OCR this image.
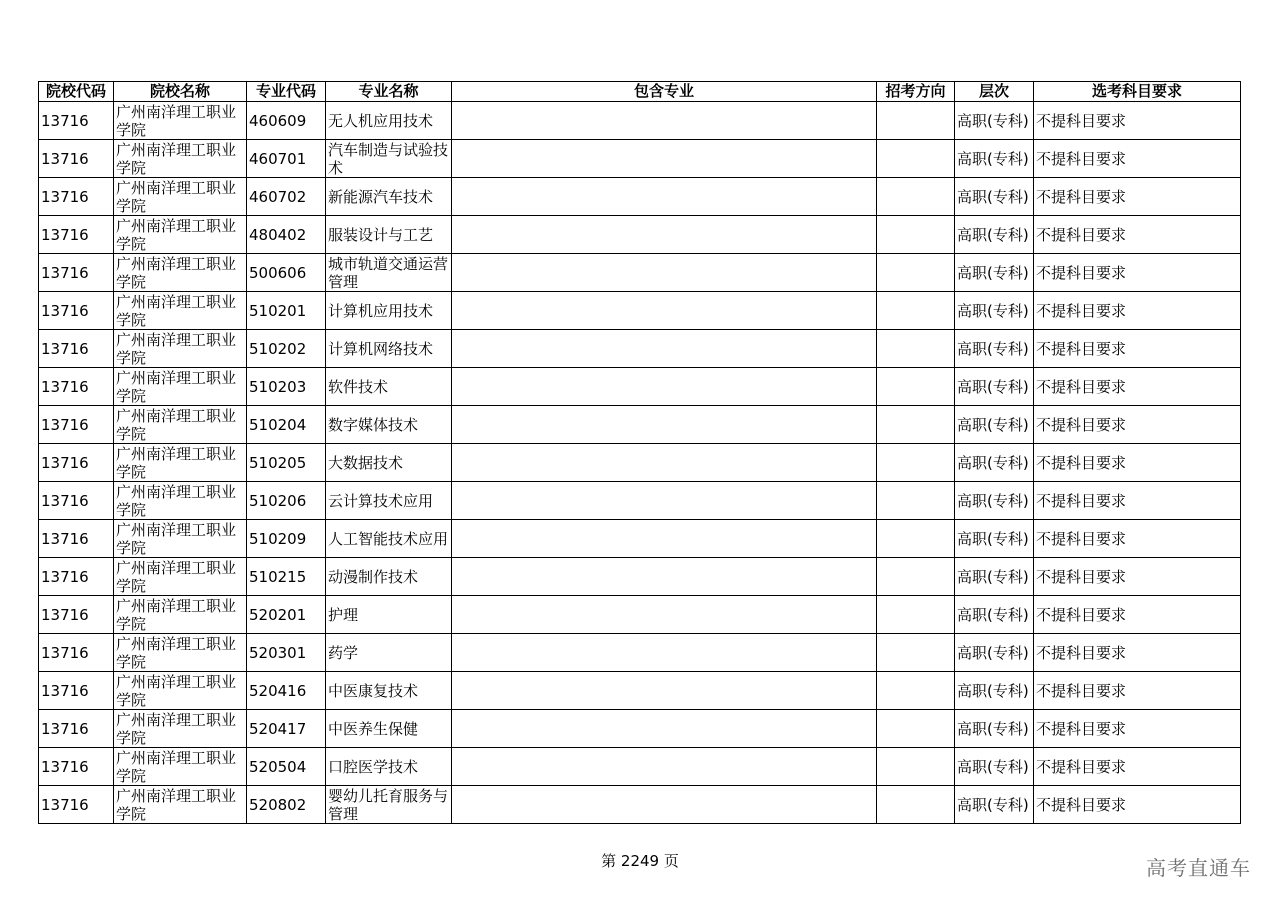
院校代码	院校名称	专业代码	专业名称	包含专业	招考方向	层次	选考科目要求
13716	广州南洋理工职业学院	460609	无人机应用技术			高职(专科)	不提科目要求
13716	广州南洋理工职业学院	460701	汽车制造与试验技术			高职(专科)	不提科目要求
13716	广州南洋理工职业学院	460702	新能源汽车技术			高职(专科)	不提科目要求
13716	广州南洋理工职业学院	480402	服装设计与工艺			高职(专科)	不提科目要求
13716	广州南洋理工职业学院	500606	城市轨道交通运营管理			高职(专科)	不提科目要求
13716	广州南洋理工职业学院	510201	计算机应用技术			高职(专科)	不提科目要求
13716	广州南洋理工职业学院	510202	计算机网络技术			高职(专科)	不提科目要求
13716	广州南洋理工职业学院	510203	软件技术			高职(专科)	不提科目要求
13716	广州南洋理工职业学院	510204	数字媒体技术			高职(专科)	不提科目要求
13716	广州南洋理工职业学院	510205	大数据技术			高职(专科)	不提科目要求
13716	广州南洋理工职业学院	510206	云计算技术应用			高职(专科)	不提科目要求
13716	广州南洋理工职业学院	510209	人工智能技术应用			高职(专科)	不提科目要求
13716	广州南洋理工职业学院	510215	动漫制作技术			高职(专科)	不提科目要求
13716	广州南洋理工职业学院	520201	护理			高职(专科)	不提科目要求
13716	广州南洋理工职业学院	520301	药学			高职(专科)	不提科目要求
13716	广州南洋理工职业学院	520416	中医康复技术			高职(专科)	不提科目要求
13716	广州南洋理工职业学院	520417	中医养生保健			高职(专科)	不提科目要求
13716	广州南洋理工职业学院	520504	口腔医学技术			高职(专科)	不提科目要求
13716	广州南洋理工职业学院	520802	婴幼儿托育服务与管理			高职(专科)	不提科目要求
第 2249 页	高考直通车
